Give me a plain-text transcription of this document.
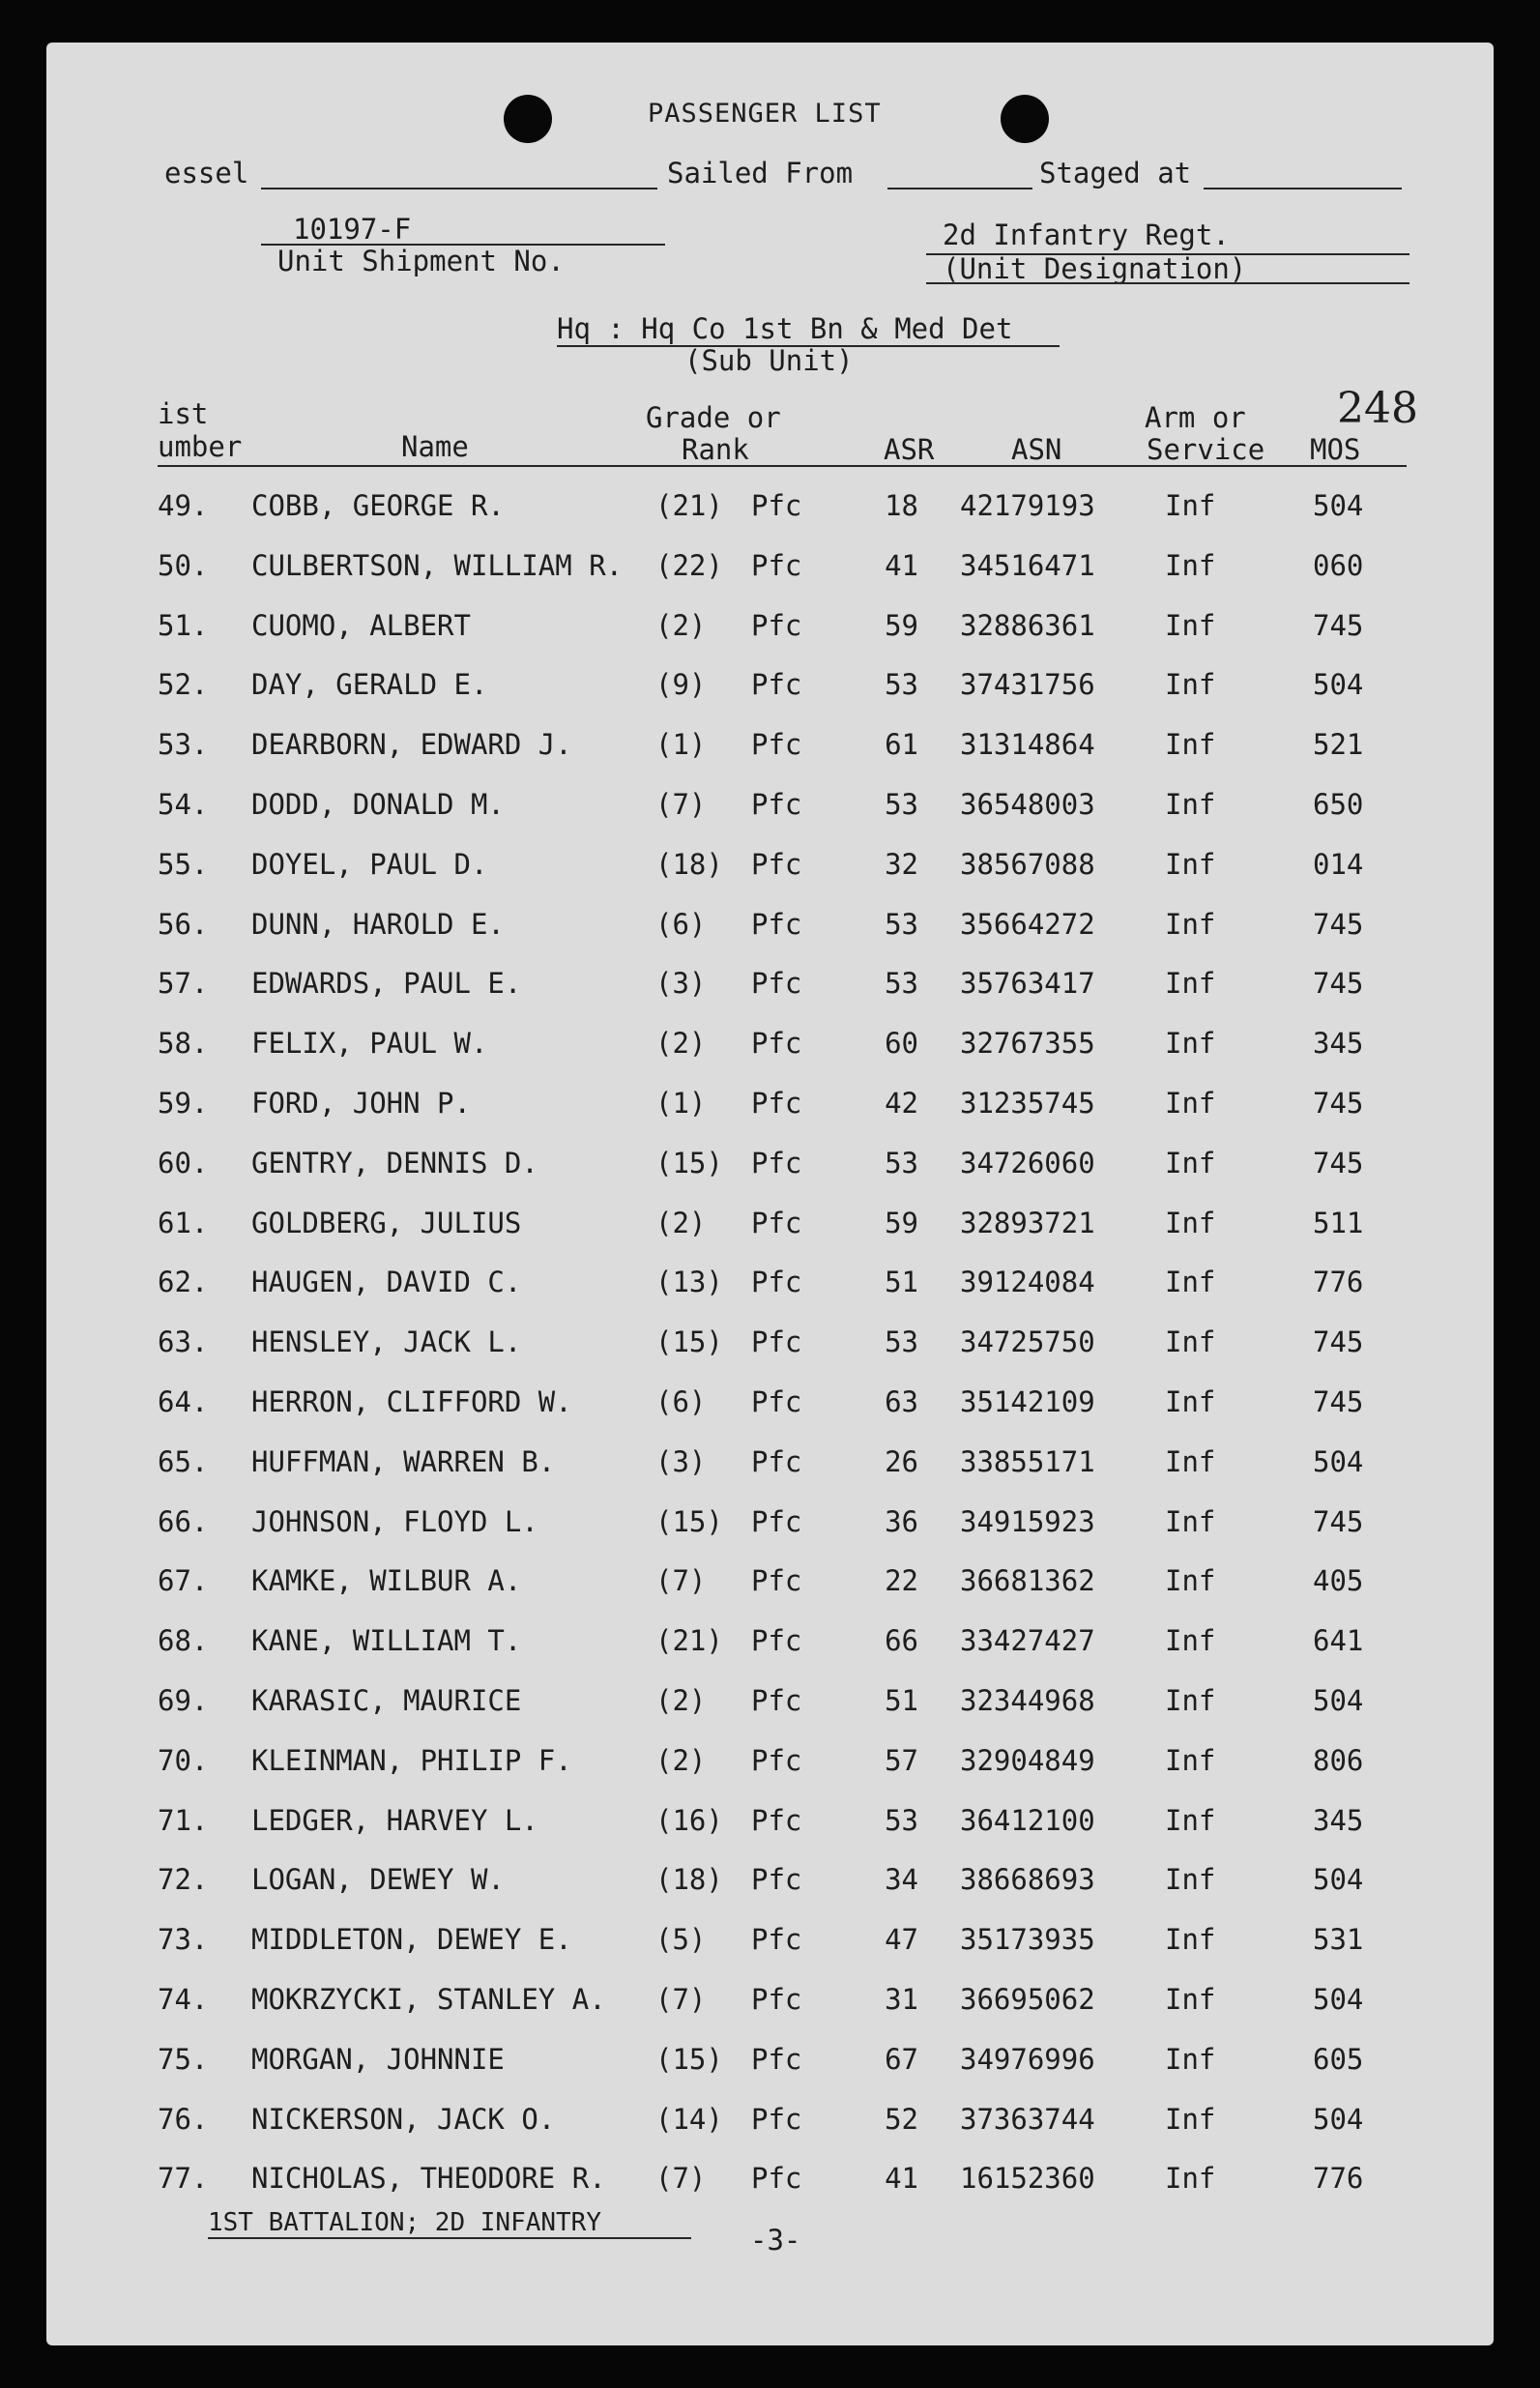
PASSENGER LIST
essel	Sailed From	Staged at
10197-F
Unit Shipment No.
2d Infantry Regt.
(Unit Designation)
Hq : Hq Co 1st Bn & Med Det
(Sub Unit)
248
ist
umber	Name
Grade or
Rank	ASR	ASN
Arm or
Service MOS
49. COBB, GEORGE R.	(21)	Pfc	18 42179193 Inf	504
50. CULBERTSON, WILLIAM R. (22)	Pfc	41 34516471 Inf	060
51. CUOMO, ALBERT	(2)	Pfc	59 32886361 Inf	745
52. DAY, GERALD E.	(9)	Pfc	53 37431756 Inf	504
53. DEARBORN, EDWARD J.	(1)	Pfc	61 31314864 Inf	521
54. DODD, DONALD M.	(7)	Pfc	53 36548003 Inf	650
55. DOYEL, PAUL D.	(18)	Pfc	32 38567088 Inf	014
56. DUNN, HAROLD E.	(6)	Pfc	53 35664272 Inf	745
57. EDWARDS, PAUL E.	(3)	Pfc	53 35763417 Inf	745
58. FELIX, PAUL W.	(2)	Pfc	60 32767355 Inf	345
59. FORD, JOHN P.	(1)	Pfc	42 31235745 Inf	745
60. GENTRY, DENNIS D.	(15)	Pfc	53 34726060 Inf	745
61. GOLDBERG, JULIUS	(2)	Pfc	59 32893721 Inf	511
62. HAUGEN, DAVID C.	(13)	Pfc	51 39124084 Inf	776
63. HENSLEY, JACK L.	(15)	Pfc	53 34725750 Inf	745
64. HERRON, CLIFFORD W.	(6)	Pfc	63 35142109 Inf	745
65. HUFFMAN, WARREN B.	(3)	Pfc	26 33855171 Inf	504
66. JOHNSON, FLOYD L.	(15)	Pfc	36 34915923 Inf	745
67. KAMKE, WILBUR A.	(7)	Pfc	22 36681362 Inf	405
68. KANE, WILLIAM T.	(21)	Pfc	66 33427427 Inf	641
69. KARASIC, MAURICE	(2)	Pfc	51 32344968 Inf	504
70. KLEINMAN, PHILIP F.	(2)	Pfc	57 32904849 Inf	806
71. LEDGER, HARVEY L.	(16)	Pfc	53 36412100 Inf	345
72. LOGAN, DEWEY W.	(18)	Pfc	34 38668693 Inf	504
73. MIDDLETON, DEWEY E.	(5)	Pfc	47 35173935 Inf	531
74. MOKRZYCKI, STANLEY A. (7)	Pfc	31 36695062 Inf	504
75. MORGAN, JOHNNIE	(15)	Pfc	67 34976996 Inf	605
76. NICKERSON, JACK O.	(14)	Pfc	52 37363744 Inf	504
77. NICHOLAS, THEODORE R. (7)	Pfc	41 16152360 Inf	776
1ST BATTALION; 2D INFANTRY
-3-
